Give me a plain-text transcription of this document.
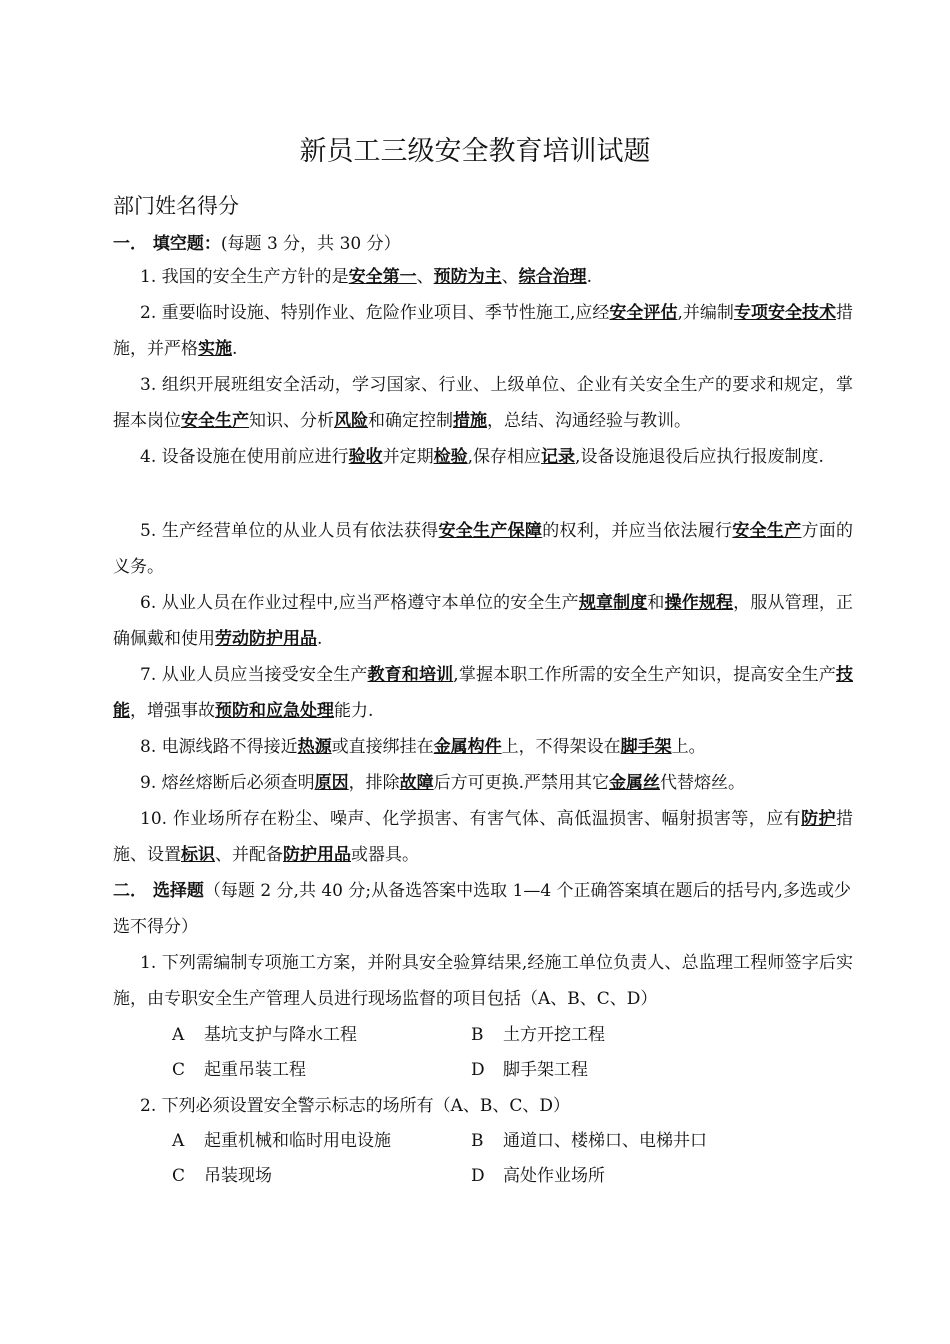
新员工三级安全教育培训试题
部门姓名得分
一． 填空题：(每题 3 分，共 30 分）
1. 我国的安全生产方针的是安全第一、预防为主、综合治理.
2. 重要临时设施、特别作业、危险作业项目、季节性施工,应经安全评估,并编制专项安全技术措施，并严格实施.
3. 组织开展班组安全活动，学习国家、行业、上级单位、企业有关安全生产的要求和规定，掌握本岗位安全生产知识、分析风险和确定控制措施，总结、沟通经验与教训。
4. 设备设施在使用前应进行验收并定期检验,保存相应记录,设备设施退役后应执行报废制度.
5. 生产经营单位的从业人员有依法获得安全生产保障的权利，并应当依法履行安全生产方面的义务。
6. 从业人员在作业过程中,应当严格遵守本单位的安全生产规章制度和操作规程，服从管理，正确佩戴和使用劳动防护用品.
7. 从业人员应当接受安全生产教育和培训,掌握本职工作所需的安全生产知识，提高安全生产技能，增强事故预防和应急处理能力.
8. 电源线路不得接近热源或直接绑挂在金属构件上，不得架设在脚手架上。
9. 熔丝熔断后必须查明原因，排除故障后方可更换.严禁用其它金属丝代替熔丝。
10. 作业场所存在粉尘、噪声、化学损害、有害气体、高低温损害、幅射损害等，应有防护措施、设置标识、并配备防护用品或器具。
二． 选择题（每题 2 分,共 40 分;从备选答案中选取 1—4 个正确答案填在题后的括号内,多选或少选不得分）
1. 下列需编制专项施工方案，并附具安全验算结果,经施工单位负责人、总监理工程师签字后实施，由专职安全生产管理人员进行现场监督的项目包括（A、B、C、D）
A 基坑支护与降水工程	B 土方开挖工程
C 起重吊装工程	D 脚手架工程
2. 下列必须设置安全警示标志的场所有（A、B、C、D）
A 起重机械和临时用电设施	B 通道口、楼梯口、电梯井口
C 吊装现场	D 高处作业场所
